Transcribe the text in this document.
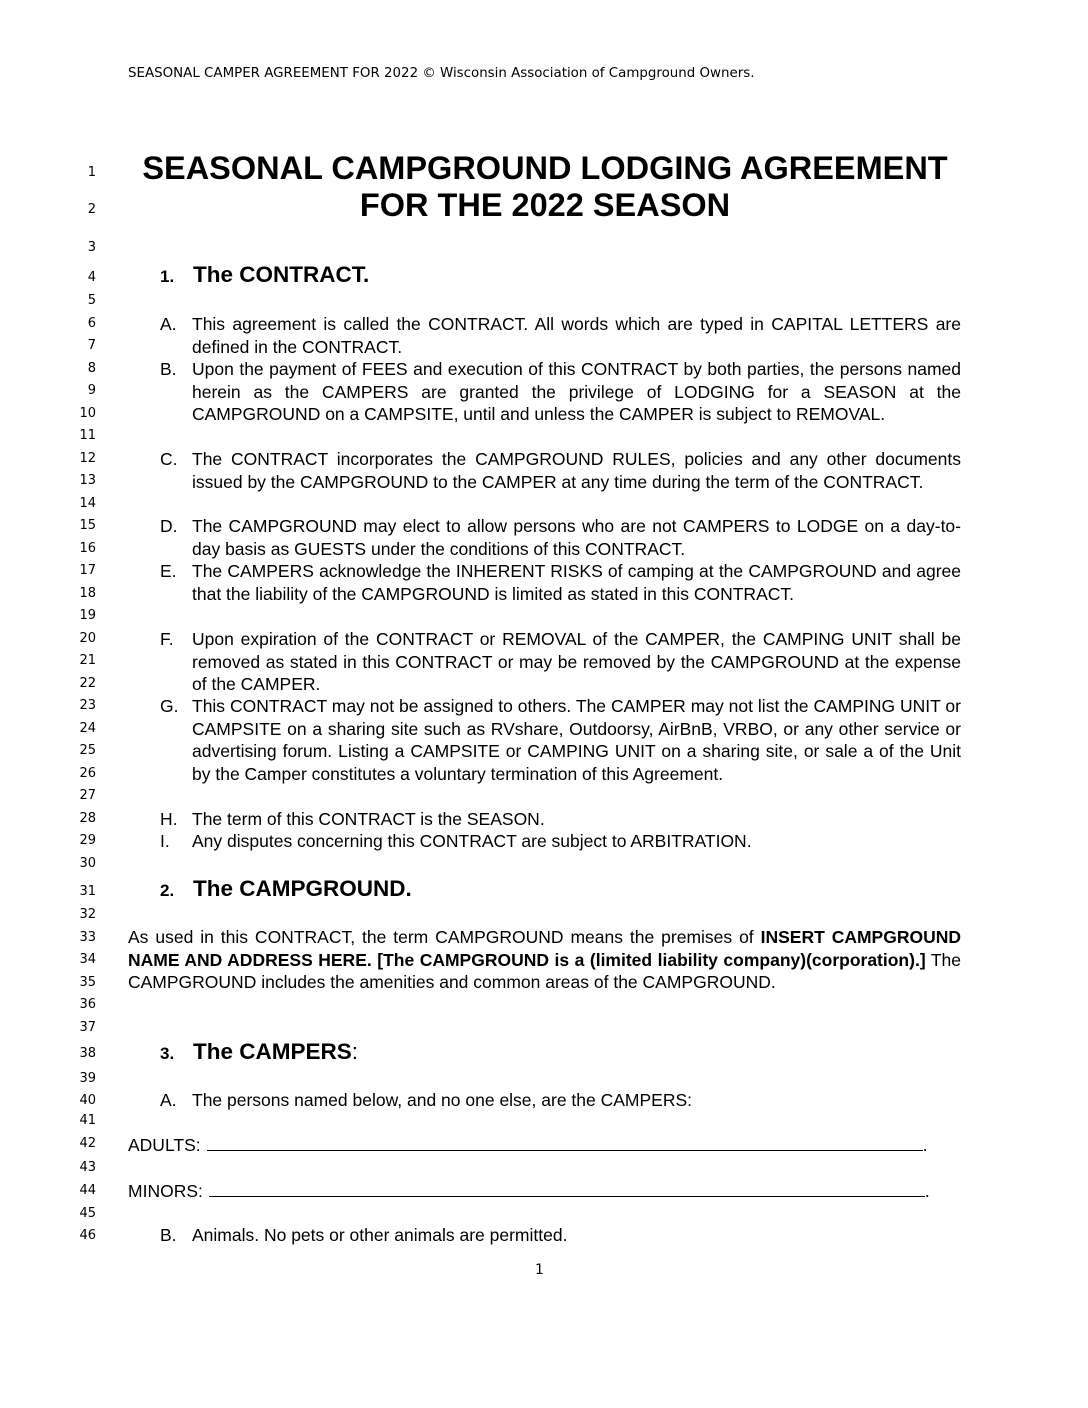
SEASONAL CAMPER AGREEMENT FOR 2022 © Wisconsin Association of Campground Owners.
1
2
3
4
5
6
7
8
9
10
11
12
13
14
15
16
17
18
19
20
21
22
23
24
25
26
27
28
29
30
31
32
33
34
35
36
37
38
39
40
41
42
43
44
45
46
SEASONAL CAMPGROUND LODGING AGREEMENT
FOR THE 2022 SEASON
1. The CONTRACT.
A. This agreement is called the CONTRACT. All words which are typed in CAPITAL LETTERS are defined in the CONTRACT.
B. Upon the payment of FEES and execution of this CONTRACT by both parties, the persons named herein as the CAMPERS are granted the privilege of LODGING for a SEASON at the CAMPGROUND on a CAMPSITE, until and unless the CAMPER is subject to REMOVAL.
C. The CONTRACT incorporates the CAMPGROUND RULES, policies and any other documents issued by the CAMPGROUND to the CAMPER at any time during the term of the CONTRACT.
D. The CAMPGROUND may elect to allow persons who are not CAMPERS to LODGE on a day-to-day basis as GUESTS under the conditions of this CONTRACT.
E. The CAMPERS acknowledge the INHERENT RISKS of camping at the CAMPGROUND and agree that the liability of the CAMPGROUND is limited as stated in this CONTRACT.
F. Upon expiration of the CONTRACT or REMOVAL of the CAMPER, the CAMPING UNIT shall be removed as stated in this CONTRACT or may be removed by the CAMPGROUND at the expense of the CAMPER.
G. This CONTRACT may not be assigned to others. The CAMPER may not list the CAMPING UNIT or CAMPSITE on a sharing site such as RVshare, Outdoorsy, AirBnB, VRBO, or any other service or advertising forum. Listing a CAMPSITE or CAMPING UNIT on a sharing site, or sale a of the Unit by the Camper constitutes a voluntary termination of this Agreement.
H. The term of this CONTRACT is the SEASON.
I. Any disputes concerning this CONTRACT are subject to ARBITRATION.
2. The CAMPGROUND.
As used in this CONTRACT, the term CAMPGROUND means the premises of INSERT CAMPGROUND NAME AND ADDRESS HERE. [The CAMPGROUND is a (limited liability company)(corporation).] The CAMPGROUND includes the amenities and common areas of the CAMPGROUND.
3. The CAMPERS:
A. The persons named below, and no one else, are the CAMPERS:
ADULTS:	.
MINORS:	.
B. Animals. No pets or other animals are permitted.
1
